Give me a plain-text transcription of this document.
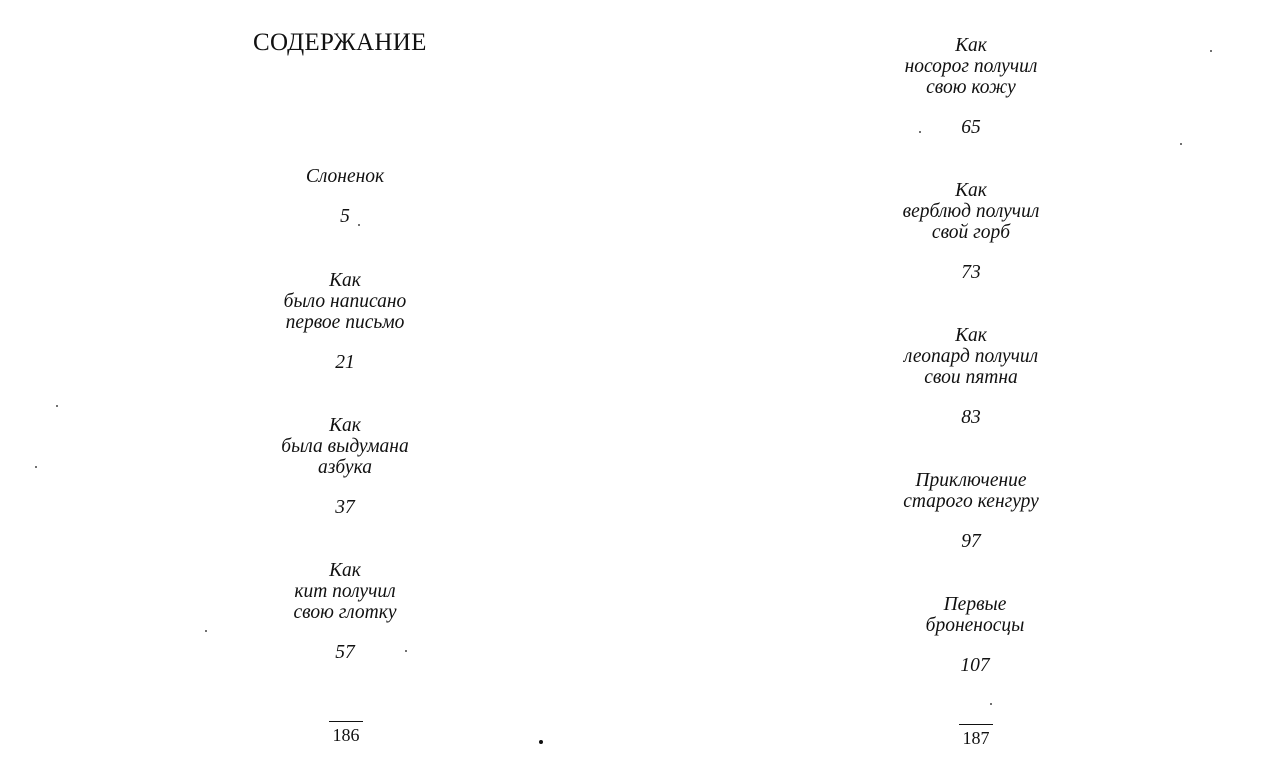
СОДЕРЖАНИЕ
Слоненок
5
Как
было написано
первое письмо
21
Как
была выдумана
азбука
37
Как
кит получил
свою глотку
57
186
Как
носорог получил
свою кожу
65
Как
верблюд получил
свой горб
73
Как
леопард получил
свои пятна
83
Приключение
старого кенгуру
97
Первые
броненосцы
107
187
